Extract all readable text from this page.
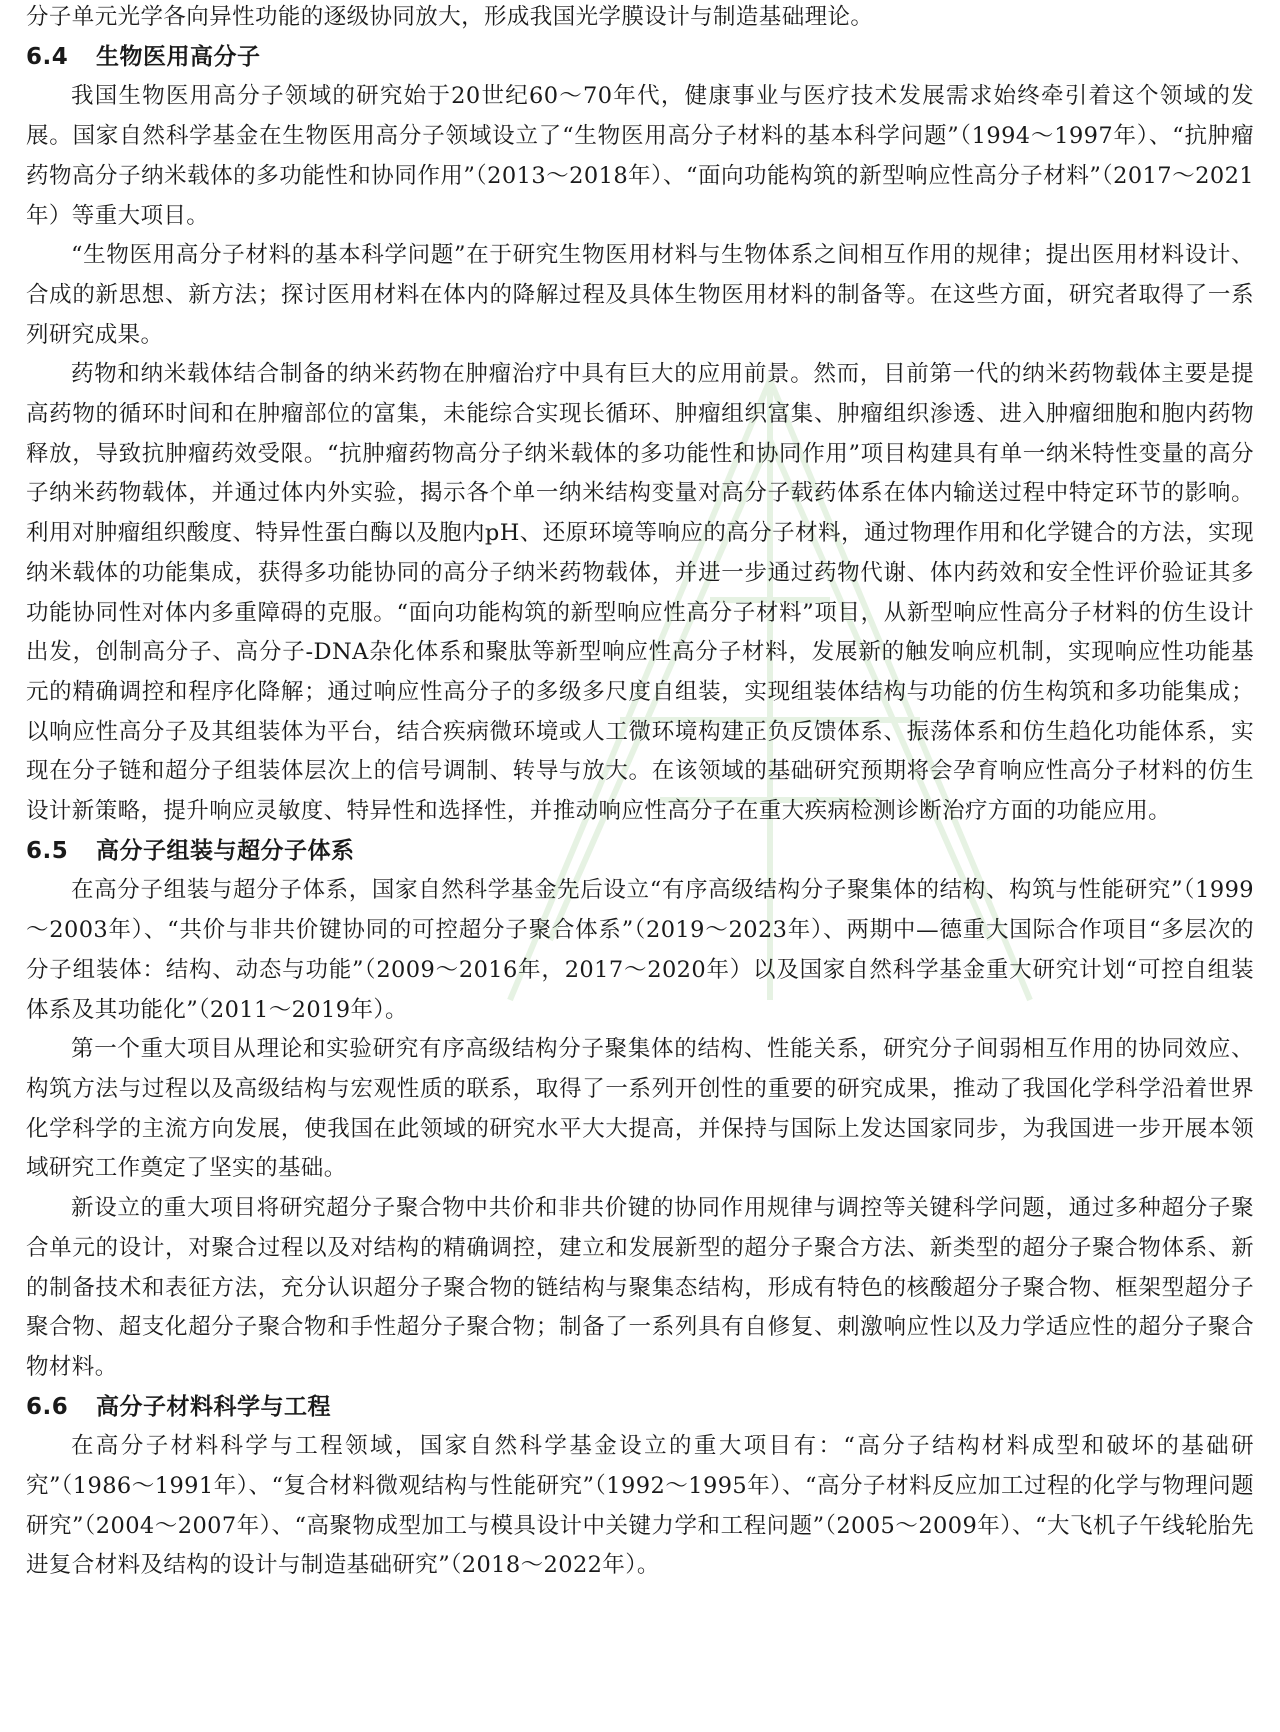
分子单元光学各向异性功能的逐级协同放大，形成我国光学膜设计与制造基础理论。

6.4 生物医用高分子

我国生物医用高分子领域的研究始于20世纪60～70年代，健康事业与医疗技术发展需求始终牵引着这个领域的发展。国家自然科学基金在生物医用高分子领域设立了“生物医用高分子材料的基本科学问题”（1994～1997年）、“抗肿瘤药物高分子纳米载体的多功能性和协同作用”（2013～2018年）、“面向功能构筑的新型响应性高分子材料”（2017～2021年）等重大项目。

“生物医用高分子材料的基本科学问题”在于研究生物医用材料与生物体系之间相互作用的规律；提出医用材料设计、合成的新思想、新方法；探讨医用材料在体内的降解过程及具体生物医用材料的制备等。在这些方面，研究者取得了一系列研究成果。

药物和纳米载体结合制备的纳米药物在肿瘤治疗中具有巨大的应用前景。然而，目前第一代的纳米药物载体主要是提高药物的循环时间和在肿瘤部位的富集，未能综合实现长循环、肿瘤组织富集、肿瘤组织渗透、进入肿瘤细胞和胞内药物释放，导致抗肿瘤药效受限。“抗肿瘤药物高分子纳米载体的多功能性和协同作用”项目构建具有单一纳米特性变量的高分子纳米药物载体，并通过体内外实验，揭示各个单一纳米结构变量对高分子载药体系在体内输送过程中特定环节的影响。利用对肿瘤组织酸度、特异性蛋白酶以及胞内pH、还原环境等响应的高分子材料，通过物理作用和化学键合的方法，实现纳米载体的功能集成，获得多功能协同的高分子纳米药物载体，并进一步通过药物代谢、体内药效和安全性评价验证其多功能协同性对体内多重障碍的克服。“面向功能构筑的新型响应性高分子材料”项目，从新型响应性高分子材料的仿生设计出发，创制高分子、高分子-DNA杂化体系和聚肽等新型响应性高分子材料，发展新的触发响应机制，实现响应性功能基元的精确调控和程序化降解；通过响应性高分子的多级多尺度自组装，实现组装体结构与功能的仿生构筑和多功能集成；以响应性高分子及其组装体为平台，结合疾病微环境或人工微环境构建正负反馈体系、振荡体系和仿生趋化功能体系，实现在分子链和超分子组装体层次上的信号调制、转导与放大。在该领域的基础研究预期将会孕育响应性高分子材料的仿生设计新策略，提升响应灵敏度、特异性和选择性，并推动响应性高分子在重大疾病检测诊断治疗方面的功能应用。

6.5 高分子组装与超分子体系

在高分子组装与超分子体系，国家自然科学基金先后设立“有序高级结构分子聚集体的结构、构筑与性能研究”（1999～2003年）、“共价与非共价键协同的可控超分子聚合体系”（2019～2023年）、两期中—德重大国际合作项目“多层次的分子组装体：结构、动态与功能”（2009～2016年，2017～2020年）以及国家自然科学基金重大研究计划“可控自组装体系及其功能化”（2011～2019年）。

第一个重大项目从理论和实验研究有序高级结构分子聚集体的结构、性能关系，研究分子间弱相互作用的协同效应、构筑方法与过程以及高级结构与宏观性质的联系，取得了一系列开创性的重要的研究成果，推动了我国化学科学沿着世界化学科学的主流方向发展，使我国在此领域的研究水平大大提高，并保持与国际上发达国家同步，为我国进一步开展本领域研究工作奠定了坚实的基础。

新设立的重大项目将研究超分子聚合物中共价和非共价键的协同作用规律与调控等关键科学问题，通过多种超分子聚合单元的设计，对聚合过程以及对结构的精确调控，建立和发展新型的超分子聚合方法、新类型的超分子聚合物体系、新的制备技术和表征方法，充分认识超分子聚合物的链结构与聚集态结构，形成有特色的核酸超分子聚合物、框架型超分子聚合物、超支化超分子聚合物和手性超分子聚合物；制备了一系列具有自修复、刺激响应性以及力学适应性的超分子聚合物材料。

6.6 高分子材料科学与工程

在高分子材料科学与工程领域，国家自然科学基金设立的重大项目有：“高分子结构材料成型和破坏的基础研究”（1986～1991年）、“复合材料微观结构与性能研究”（1992～1995年）、“高分子材料反应加工过程的化学与物理问题研究”（2004～2007年）、“高聚物成型加工与模具设计中关键力学和工程问题”（2005～2009年）、“大飞机子午线轮胎先进复合材料及结构的设计与制造基础研究”（2018～2022年）。
